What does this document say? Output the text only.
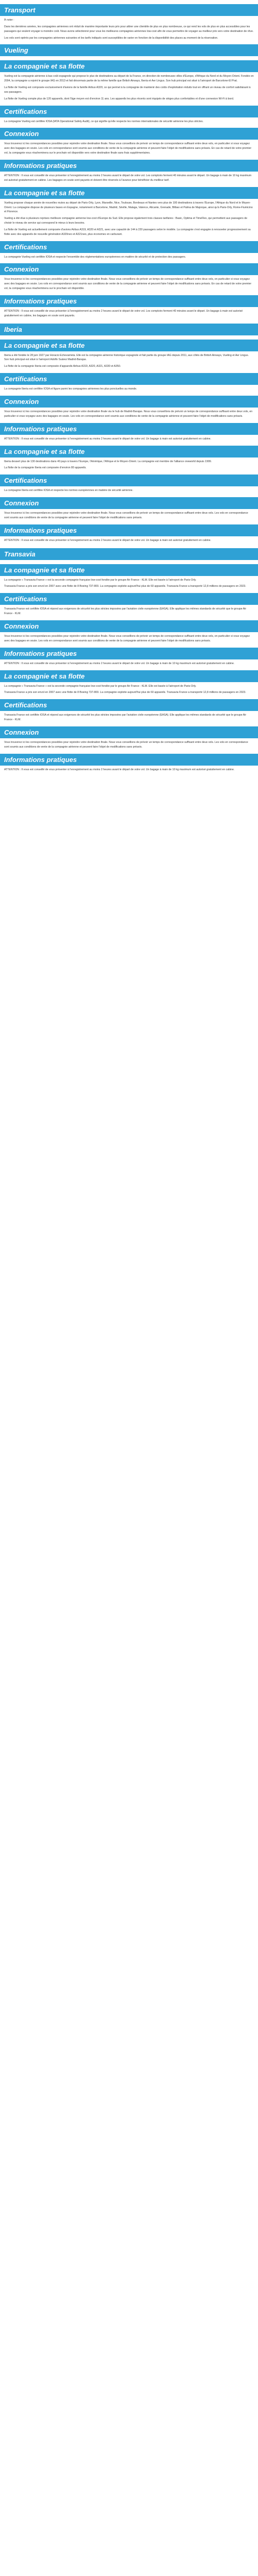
Transport

À noter :

Dans les dernières années, les compagnies aériennes ont réduit de manière importante leurs prix pour attirer une clientèle de plus en plus nombreuse, ce qui rend les vols de plus en plus accessibles pour les passagers qui veulent voyager à moindre coût. Nous avons sélectionné pour vous les meilleures compagnies aériennes low-cost afin de vous permettre de voyager au meilleur prix vers votre destination de rêve.

Les vols sont opérés par les compagnies aériennes suivantes et les tarifs indiqués sont susceptibles de varier en fonction de la disponibilité des places au moment de la réservation.

Vueling
La compagnie et sa flotte

Vueling est la compagnie aérienne à bas coût espagnole qui propose le plus de destinations au départ de la France, en direction de nombreuses villes d'Europe, d'Afrique du Nord et du Moyen-Orient. Fondée en 2004, la compagnie a rejoint le groupe IAG en 2013 et fait désormais partie de la même famille que British Airways, Iberia et Aer Lingus. Son hub principal est situé à l'aéroport de Barcelone-El Prat.

La flotte de Vueling est composée exclusivement d'avions de la famille Airbus A320, ce qui permet à la compagnie de maintenir des coûts d'exploitation réduits tout en offrant un niveau de confort satisfaisant à ses passagers.

La flotte de Vueling compte plus de 120 appareils, dont l'âge moyen est d'environ 11 ans. Les appareils les plus récents sont équipés de sièges plus confortables et d'une connexion Wi-Fi à bord.

Certifications

La compagnie Vueling est certifiée IOSA (IATA Operational Safety Audit), ce qui signifie qu'elle respecte les normes internationales de sécurité aérienne les plus strictes.

Connexion

Vous trouverez ici les correspondances possibles pour rejoindre votre destination finale. Nous vous conseillons de prévoir un temps de correspondance suffisant entre deux vols, en particulier si vous voyagez avec des bagages en soute. Les vols en correspondance sont soumis aux conditions de vente de la compagnie aérienne et peuvent faire l'objet de modifications sans préavis. En cas de retard de votre premier vol, la compagnie vous réacheminera sur le prochain vol disponible vers votre destination finale sans frais supplémentaires.

Informations pratiques

ATTENTION : Il vous est conseillé de vous présenter à l'enregistrement au moins 2 heures avant le départ de votre vol. Les comptoirs ferment 40 minutes avant le départ. Un bagage à main de 10 kg maximum est autorisé gratuitement en cabine. Les bagages en soute sont payants et doivent être réservés à l'avance pour bénéficier du meilleur tarif.

La compagnie et sa flotte

Vueling propose chaque année de nouvelles routes au départ de Paris-Orly, Lyon, Marseille, Nice, Toulouse, Bordeaux et Nantes vers plus de 100 destinations à travers l'Europe, l'Afrique du Nord et le Moyen-Orient. La compagnie dispose de plusieurs bases en Espagne, notamment à Barcelone, Madrid, Séville, Malaga, Valence, Alicante, Grenade, Bilbao et Palma de Majorque, ainsi qu'à Paris-Orly, Rome-Fiumicino et Florence.

Vueling a été élue à plusieurs reprises meilleure compagnie aérienne low-cost d'Europe du Sud. Elle propose également trois classes tarifaires : Basic, Optima et TimeFlex, qui permettent aux passagers de choisir le niveau de service qui correspond le mieux à leurs besoins.

La flotte de Vueling est actuellement composée d'avions Airbus A319, A320 et A321, avec une capacité de 144 à 220 passagers selon le modèle. La compagnie s'est engagée à renouveler progressivement sa flotte avec des appareils de nouvelle génération A320neo et A321neo, plus économes en carburant.

Certifications

La compagnie Vueling est certifiée IOSA et respecte l'ensemble des réglementations européennes en matière de sécurité et de protection des passagers.

Connexion

Vous trouverez ici les correspondances possibles pour rejoindre votre destination finale. Nous vous conseillons de prévoir un temps de correspondance suffisant entre deux vols, en particulier si vous voyagez avec des bagages en soute. Les vols en correspondance sont soumis aux conditions de vente de la compagnie aérienne et peuvent faire l'objet de modifications sans préavis. En cas de retard de votre premier vol, la compagnie vous réacheminera sur le prochain vol disponible.

Informations pratiques

ATTENTION : Il vous est conseillé de vous présenter à l'enregistrement au moins 2 heures avant le départ de votre vol. Les comptoirs ferment 40 minutes avant le départ. Un bagage à main est autorisé gratuitement en cabine, les bagages en soute sont payants.

Iberia
La compagnie et sa flotte

Iberia a été fondée le 28 juin 1927 par Horacio Echevarrieta. Elle est la compagnie aérienne historique espagnole et fait partie du groupe IAG depuis 2011, aux côtés de British Airways, Vueling et Aer Lingus. Son hub principal est situé à l'aéroport Adolfo Suárez Madrid-Barajas.

La flotte de la compagnie Iberia est composée d'appareils Airbus A319, A320, A321, A330 et A350.

Certifications

La compagnie Iberia est certifiée IOSA et figure parmi les compagnies aériennes les plus ponctuelles au monde.

Connexion

Vous trouverez ici les correspondances possibles pour rejoindre votre destination finale via le hub de Madrid-Barajas. Nous vous conseillons de prévoir un temps de correspondance suffisant entre deux vols, en particulier si vous voyagez avec des bagages en soute. Les vols en correspondance sont soumis aux conditions de vente de la compagnie aérienne et peuvent faire l'objet de modifications sans préavis.

Informations pratiques

ATTENTION : Il vous est conseillé de vous présenter à l'enregistrement au moins 2 heures avant le départ de votre vol. Un bagage à main est autorisé gratuitement en cabine.

La compagnie et sa flotte

Iberia dessert plus de 130 destinations dans 40 pays à travers l'Europe, l'Amérique, l'Afrique et le Moyen-Orient. La compagnie est membre de l'alliance oneworld depuis 1999.

La flotte de la compagnie Iberia est composée d'environ 80 appareils.

Certifications

La compagnie Iberia est certifiée IOSA et respecte les normes européennes en matière de sécurité aérienne.

Connexion

Vous trouverez ici les correspondances possibles pour rejoindre votre destination finale. Nous vous conseillons de prévoir un temps de correspondance suffisant entre deux vols. Les vols en correspondance sont soumis aux conditions de vente de la compagnie aérienne et peuvent faire l'objet de modifications sans préavis.

Informations pratiques

ATTENTION : Il vous est conseillé de vous présenter à l'enregistrement au moins 2 heures avant le départ de votre vol. Un bagage à main est autorisé gratuitement en cabine.

Transavia
La compagnie et sa flotte

La compagnie « Transavia France » est la seconde compagnie française low-cost fondée par le groupe Air France - KLM. Elle est basée à l'aéroport de Paris-Orly.

Transavia France a pris son envol en 2007 avec une flotte de 8 Boeing 737-800. La compagnie exploite aujourd'hui plus de 60 appareils. Transavia France a transporté 12,8 millions de passagers en 2023.

Certifications

Transavia France est certifiée IOSA et répond aux exigences de sécurité les plus strictes imposées par l'aviation civile européenne (EASA). Elle applique les mêmes standards de sécurité que le groupe Air France - KLM.

Connexion

Vous trouverez ici les correspondances possibles pour rejoindre votre destination finale. Nous vous conseillons de prévoir un temps de correspondance suffisant entre deux vols, en particulier si vous voyagez avec des bagages en soute. Les vols en correspondance sont soumis aux conditions de vente de la compagnie aérienne et peuvent faire l'objet de modifications sans préavis.

Informations pratiques

ATTENTION : Il vous est conseillé de vous présenter à l'enregistrement au moins 2 heures avant le départ de votre vol. Un bagage à main de 10 kg maximum est autorisé gratuitement en cabine.

La compagnie et sa flotte

La compagnie « Transavia France » est la seconde compagnie française low-cost fondée par le groupe Air France - KLM. Elle est basée à l'aéroport de Paris-Orly.

Transavia France a pris son envol en 2007 avec une flotte de 8 Boeing 737-800. La compagnie exploite aujourd'hui plus de 60 appareils. Transavia France a transporté 12,8 millions de passagers en 2023.

Certifications

Transavia France est certifiée IOSA et répond aux exigences de sécurité les plus strictes imposées par l'aviation civile européenne (EASA). Elle applique les mêmes standards de sécurité que le groupe Air France - KLM.

Connexion

Vous trouverez ici les correspondances possibles pour rejoindre votre destination finale. Nous vous conseillons de prévoir un temps de correspondance suffisant entre deux vols. Les vols en correspondance sont soumis aux conditions de vente de la compagnie aérienne et peuvent faire l'objet de modifications sans préavis.

Informations pratiques

ATTENTION : Il vous est conseillé de vous présenter à l'enregistrement au moins 2 heures avant le départ de votre vol. Un bagage à main de 10 kg maximum est autorisé gratuitement en cabine.
